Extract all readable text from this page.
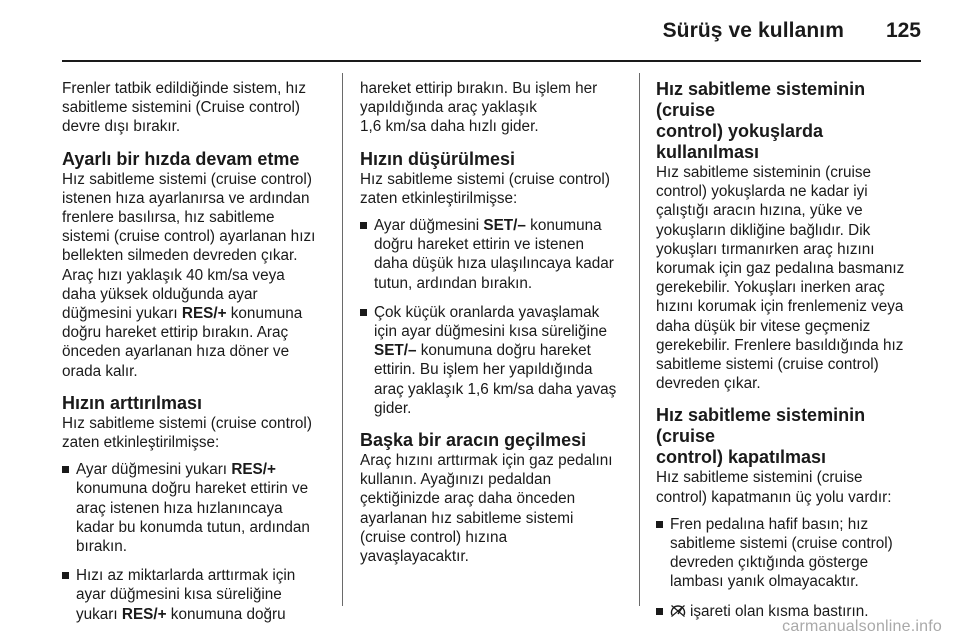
Sürüş ve kullanım 125

Frenler tatbik edildiğinde sistem, hız
sabitleme sistemini (Cruise control)
devre dışı bırakır.

Ayarlı bir hızda devam etme

Hız sabitleme sistemi (cruise control)
istenen hıza ayarlanırsa ve ardından
frenlere basılırsa, hız sabitleme
sistemi (cruise control) ayarlanan hızı
bellekten silmeden devreden çıkar.
Araç hızı yaklaşık 40 km/sa veya
daha yüksek olduğunda ayar
düğmesini yukarı RES/+ konumuna
doğru hareket ettirip bırakın. Araç
önceden ayarlanan hıza döner ve
orada kalır.

Hızın arttırılması

Hız sabitleme sistemi (cruise control)
zaten etkinleştirilmişse:

Ayar düğmesini yukarı RES/+
konumuna doğru hareket ettirin ve
araç istenen hıza hızlanıncaya
kadar bu konumda tutun, ardından
bırakın.
Hızı az miktarlarda arttırmak için
ayar düğmesini kısa süreliğine
yukarı RES/+ konumuna doğru

hareket ettirip bırakın. Bu işlem her
yapıldığında araç yaklaşık
1,6 km/sa daha hızlı gider.

Hızın düşürülmesi

Hız sabitleme sistemi (cruise control)
zaten etkinleştirilmişse:

Ayar düğmesini SET/– konumuna
doğru hareket ettirin ve istenen
daha düşük hıza ulaşılıncaya kadar
tutun, ardından bırakın.
Çok küçük oranlarda yavaşlamak
için ayar düğmesini kısa süreliğine
SET/– konumuna doğru hareket
ettirin. Bu işlem her yapıldığında
araç yaklaşık 1,6 km/sa daha yavaş
gider.
Başka bir aracın geçilmesi

Araç hızını arttırmak için gaz pedalını
kullanın. Ayağınızı pedaldan
çektiğinizde araç daha önceden
ayarlanan hız sabitleme sistemi
(cruise control) hızına
yavaşlayacaktır.

Hız sabitleme sisteminin (cruise
control) yokuşlarda kullanılması

Hız sabitleme sisteminin (cruise
control) yokuşlarda ne kadar iyi
çalıştığı aracın hızına, yüke ve
yokuşların dikliğine bağlıdır. Dik
yokuşları tırmanırken araç hızını
korumak için gaz pedalına basmanız
gerekebilir. Yokuşları inerken araç
hızını korumak için frenlemeniz veya
daha düşük bir vitese geçmeniz
gerekebilir. Frenlere basıldığında hız
sabitleme sistemi (cruise control)
devreden çıkar.

Hız sabitleme sisteminin (cruise
control) kapatılması

Hız sabitleme sistemini (cruise
control) kapatmanın üç yolu vardır:

Fren pedalına hafif basın; hız
sabitleme sistemi (cruise control)
devreden çıktığında gösterge
lambası yanık olmayacaktır.
işareti olan kısma bastırın.
carmanualsonline.info
